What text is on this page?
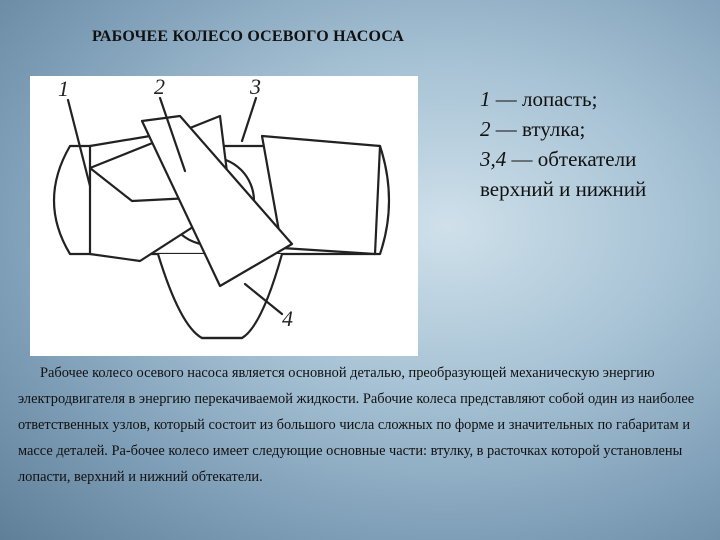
РАБОЧЕЕ КОЛЕСО ОСЕВОГО НАСОСА
1	2	3
4
1 — лопасть;
2 — втулка;
3,4 — обтекатели
верхний и нижний

Рабочее колесо осевого насоса является основной деталью, преобразующей механическую энергию электродвигателя в энергию перекачиваемой жидкости. Рабочие колеса представляют собой один из наиболее ответственных узлов, который состоит из большого числа сложных по форме и значительных по габаритам и массе деталей. Ра-бочее колесо имеет следующие основные части: втулку, в расточках которой установлены лопасти, верхний и нижний обтекатели.
